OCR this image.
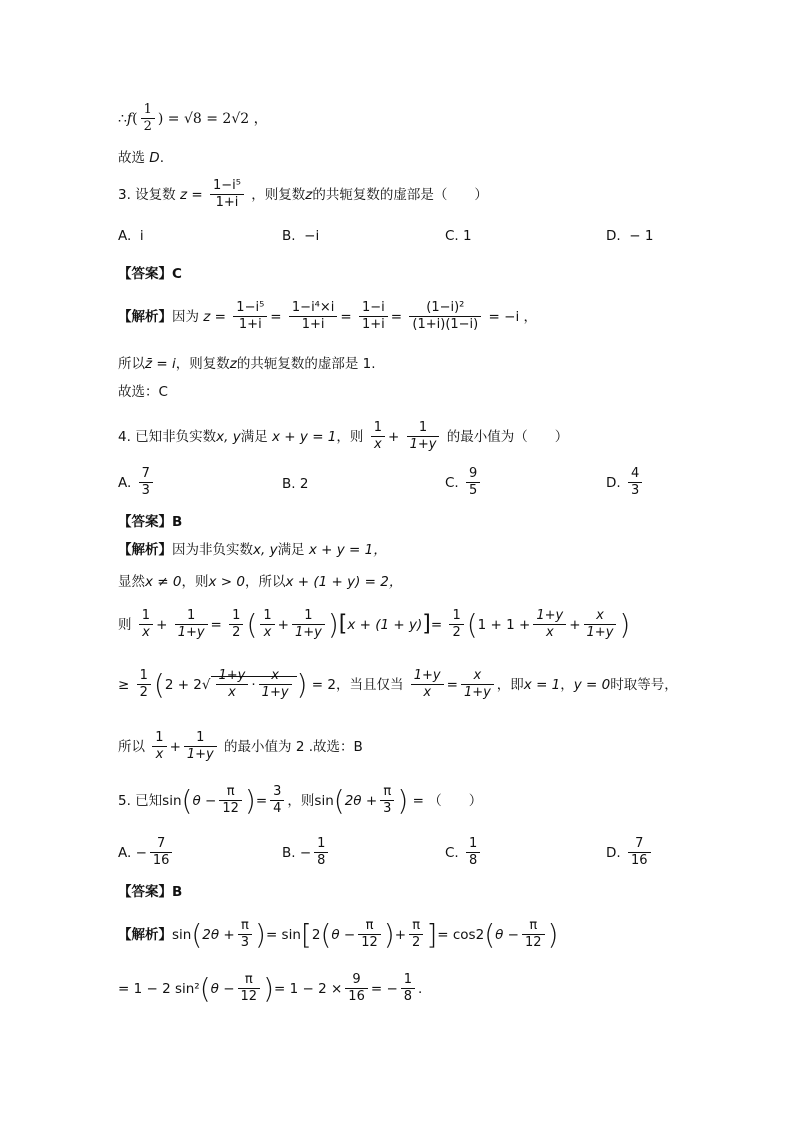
∴f( $\frac{1}{2}$ ) = √8 = 2√2 ，
故选 D.
3. 设复数 $z = \frac{\text{1−i⁵}}{1+i}$ ，则复数z的共轭复数的虚部是（　　）
A. i	B. −i	C. 1	D. − 1
【答案】C
【解析】因为 $z = \frac{\text{1−i⁵}}{1+i} = \frac{\text{1−i⁴×i}}{1+i} = \frac{1-i}{1+i} = \frac{\text{(1−i)²}}{(1+i)(1-i)} = -i$ ，
所以z̄ = i，则复数z的共轭复数的虚部是 1.
故选：C
4. 已知非负实数x, y满足 x + y = 1，则 $\frac{1}{x} + \frac{1}{1+y}$ 的最小值为（　　）
A. $\frac{7}{3}$	B. 2	C. $\frac{9}{5}$	D. $\frac{4}{3}$
【答案】B
【解析】因为非负实数x, y满足 x + y = 1，
显然x ≠ 0，则x > 0，所以x + (1 + y) = 2，
则 $\frac{1}{x} + \frac{1}{1+y} = \frac{1}{2}$ ( $\frac{1}{x} + \frac{1}{1+y} )[x + (1 + y)]= \frac{1}{2} (1 + 1 + \frac{1+y}{x} + \frac{x}{1+y}$ )
≥ $\frac{1}{2} (2 + 2√ \frac{1+y}{x} \cdot \frac{x}{1+y}$ ) = 2，当且仅当 $\frac{1+y}{x} = \frac{x}{1+y}$ ，即x = 1，y = 0时取等号，
所以 $\frac{1}{x} + \frac{1}{1+y}$ 的最小值为 2 .故选：B
5. 已知$\sin(\theta - \frac{\pi}{12}$ )= $\frac{3}{4}$ ，则$\sin(2\theta + \frac{\pi}{3}$ ) = （　　）
A. − $\frac{7}{16}$	B. − $\frac{1}{8}$	C. $\frac{1}{8}$	D. $\frac{7}{16}$
【答案】B
【解析】$\sin(2\theta + \frac{\pi}{3}$ )= $\sin[2(\theta - \frac{\pi}{12}$ )+ $\frac{\pi}{2}$ ]= $\cos 2(\theta - \frac{\pi}{12}$ )
= 1 − 2 $\sin^2(\theta - \frac{\pi}{12}$ )= $1 - 2 \times \frac{9}{16}$ = − $\frac{1}{8}$ .
